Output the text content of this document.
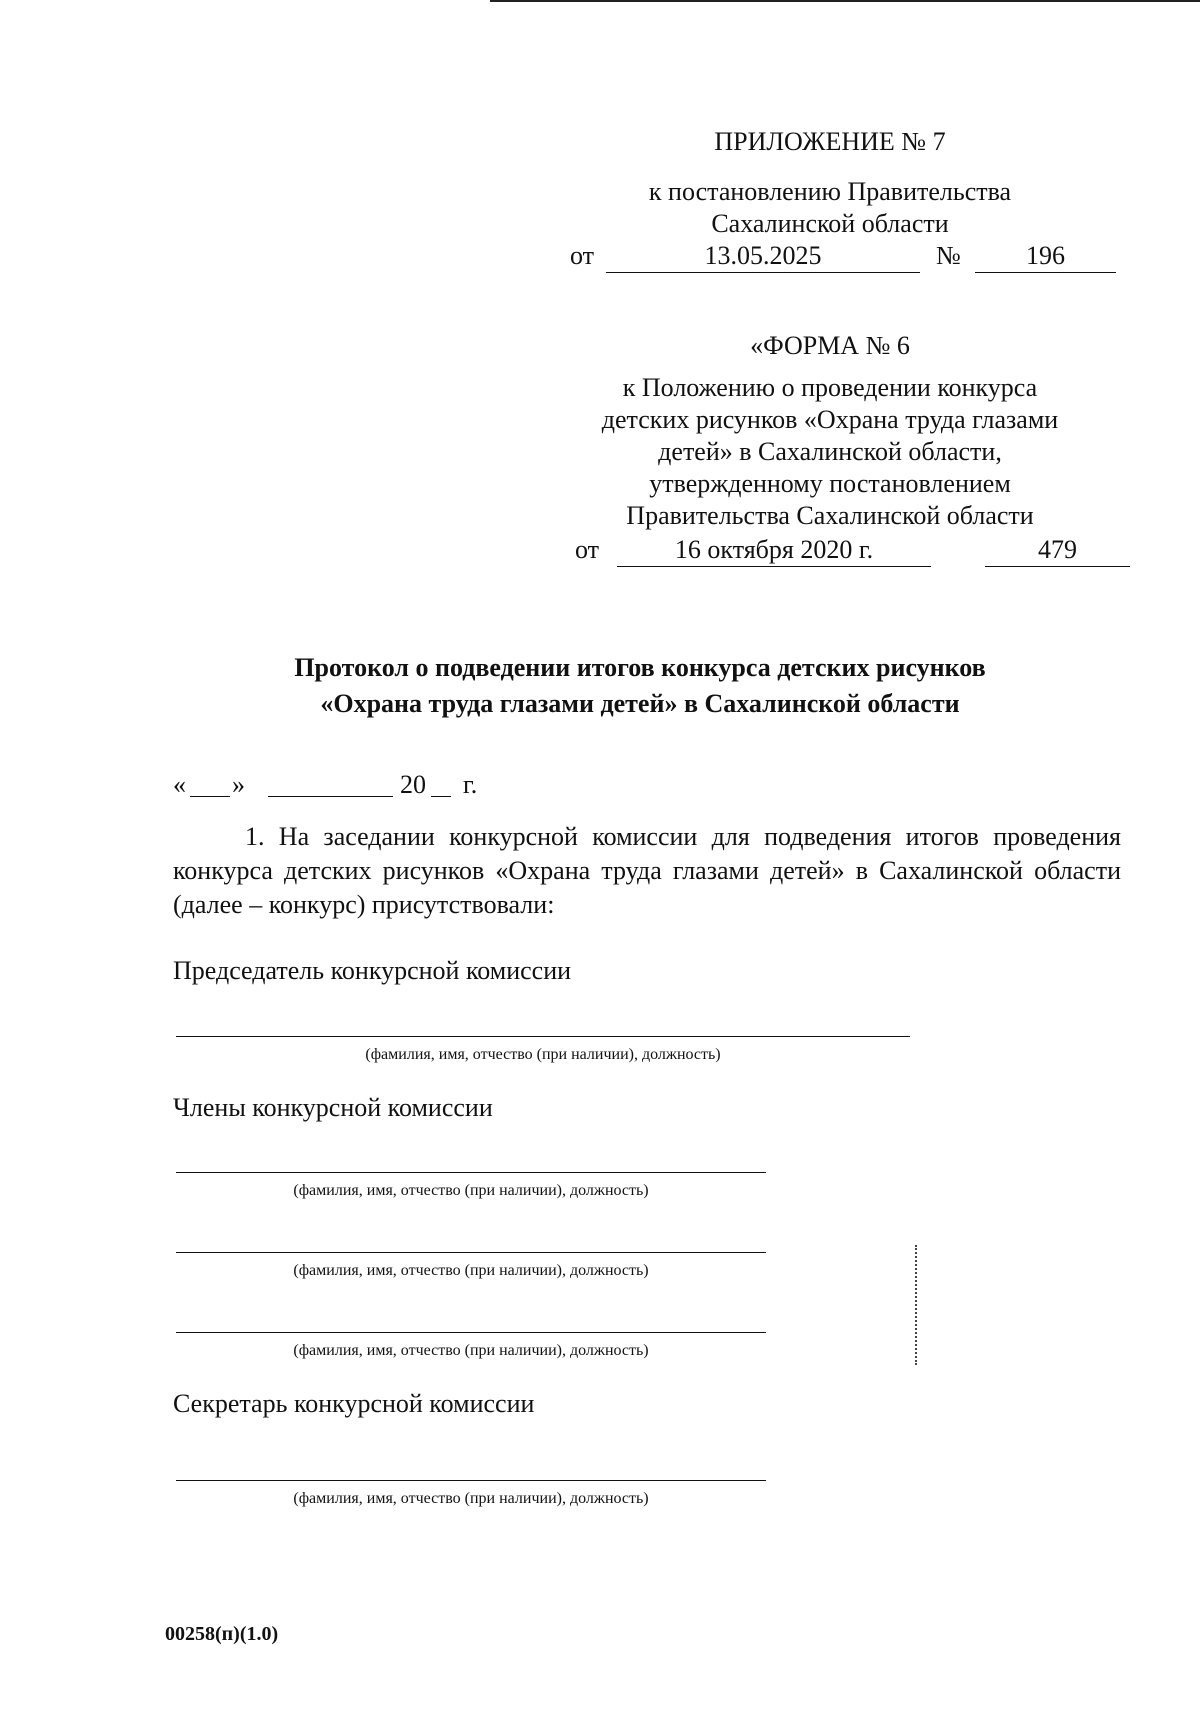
ПРИЛОЖЕНИЕ № 7
к постановлению Правительства
Сахалинской области
от	13.05.2025	№	196
«ФОРМА № 6
к Положению о проведении конкурса
детских рисунков «Охрана труда глазами
детей» в Сахалинской области,
утвержденному постановлением
Правительства Сахалинской области
от	16 октября 2020 г.	479
Протокол о подведении итогов конкурса детских рисунков
«Охрана труда глазами детей» в Сахалинской области
«	»	20 г.
1. На заседании конкурсной комиссии для подведения итогов проведения конкурса детских рисунков «Охрана труда глазами детей» в Сахалинской области (далее – конкурс) присутствовали:
Председатель конкурсной комиссии
(фамилия, имя, отчество (при наличии), должность)
Члены конкурсной комиссии
(фамилия, имя, отчество (при наличии), должность)
(фамилия, имя, отчество (при наличии), должность)
(фамилия, имя, отчество (при наличии), должность)
Секретарь конкурсной комиссии
(фамилия, имя, отчество (при наличии), должность)
00258(п)(1.0)
